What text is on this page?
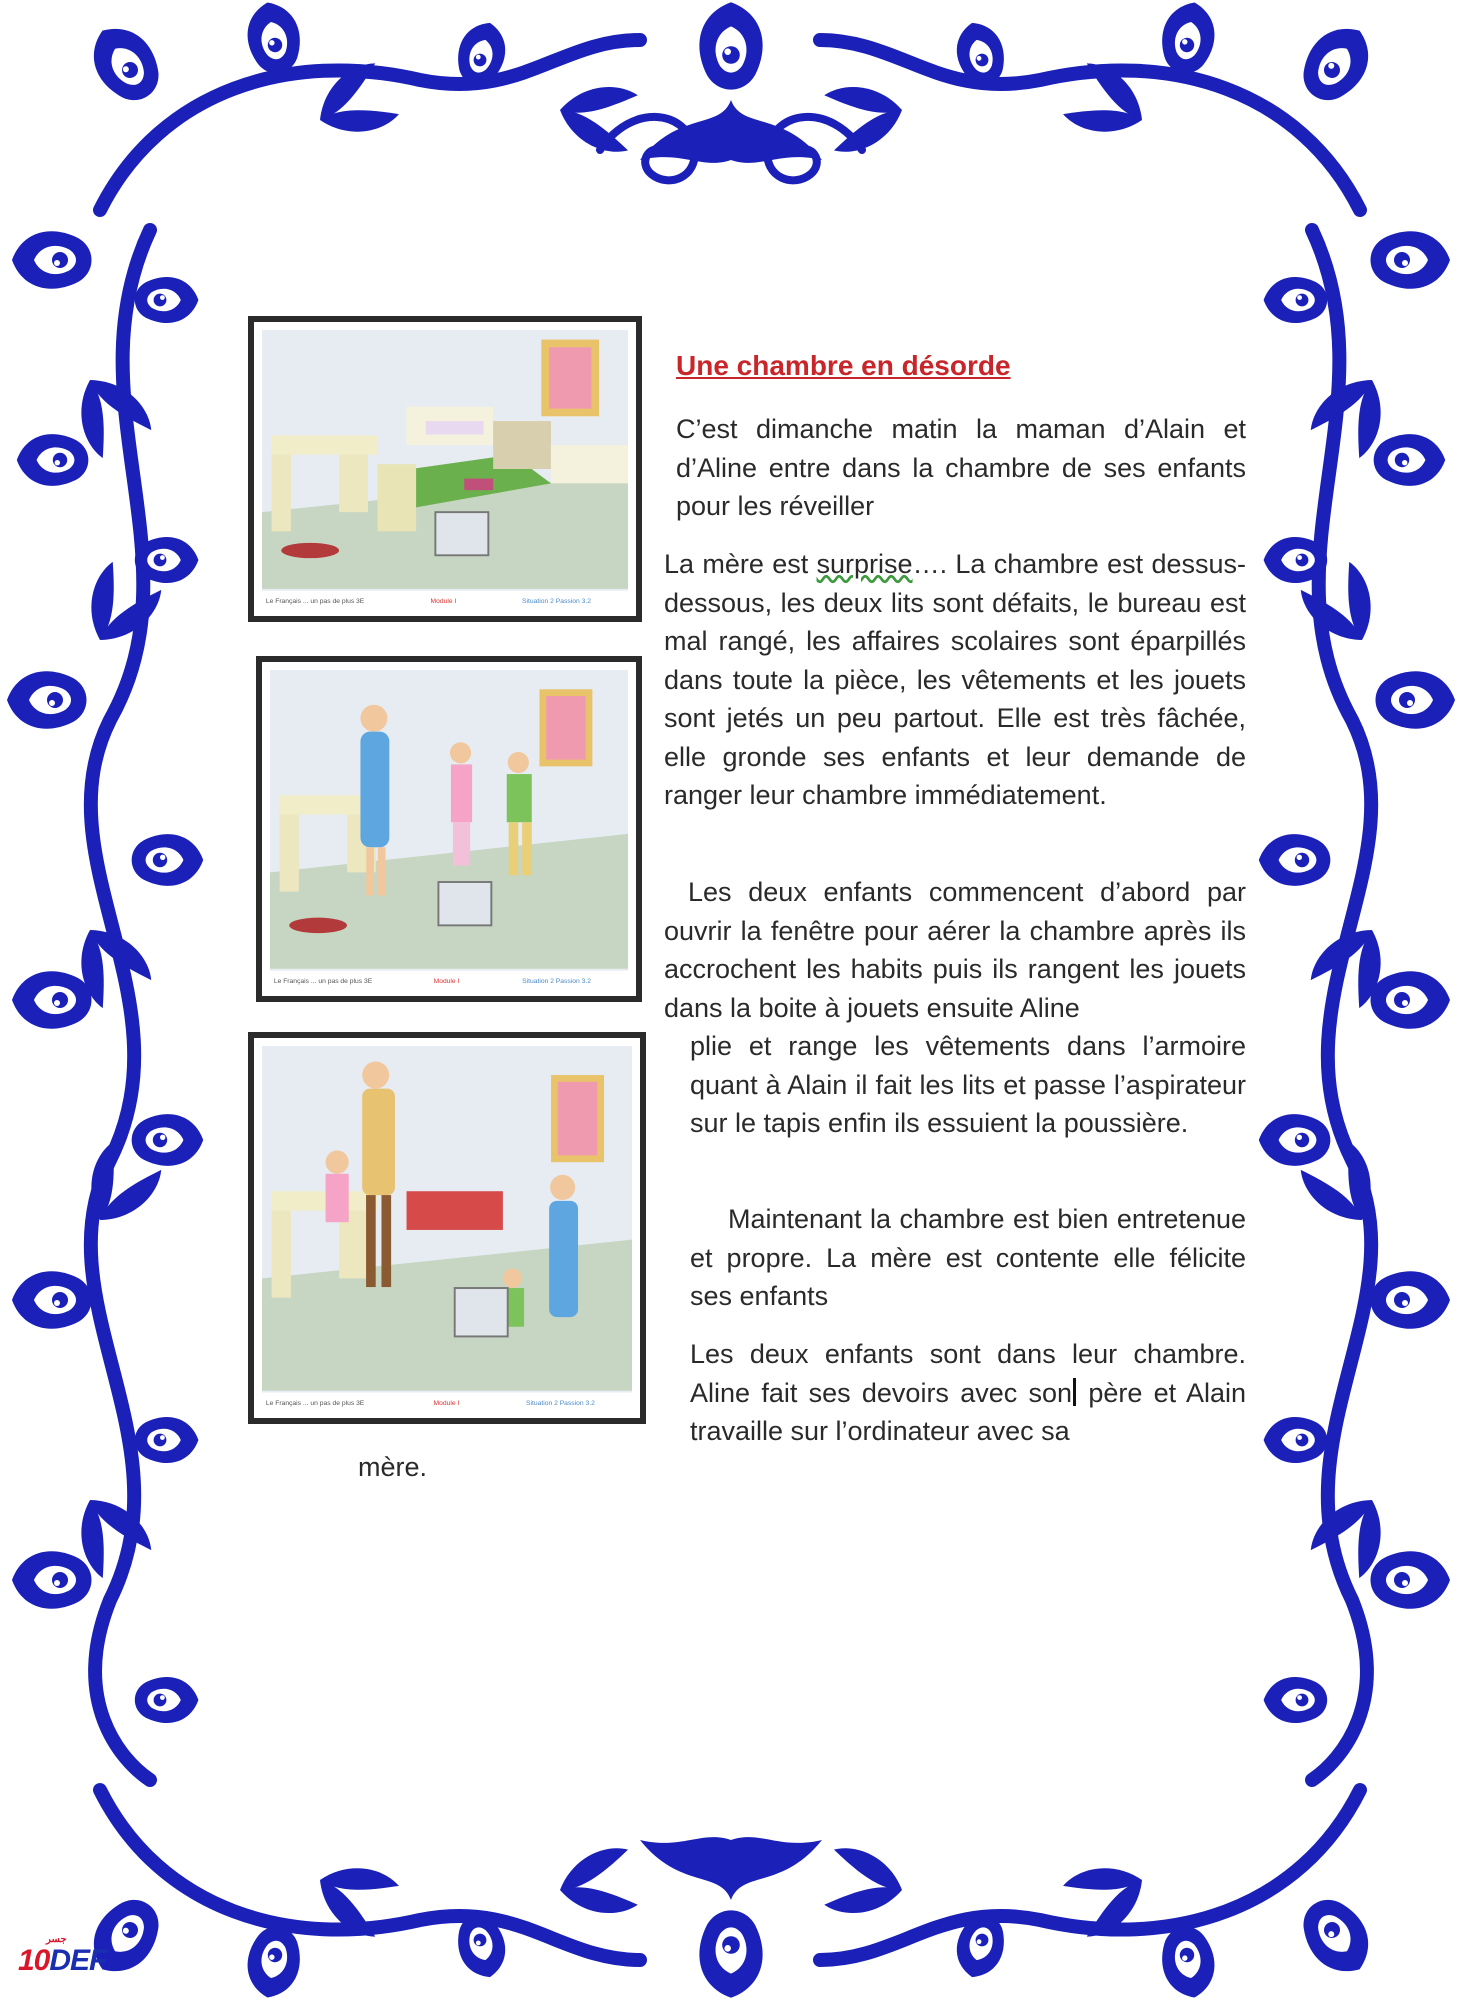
Le Français ... un pas de plus 3E	Module I	Situation 2 Passion 3.2
Le Français ... un pas de plus 3E	Module I	Situation 2 Passion 3.2
Le Français ... un pas de plus 3E	Module I	Situation 2 Passion 3.2
Une chambre en désorde

C’est dimanche matin la maman d’Alain et d’Aline entre dans la chambre de ses enfants pour les réveiller

La mère est surprise…. La chambre est dessus-dessous, les deux lits sont défaits, le bureau est mal rangé, les affaires scolaires sont éparpillés dans toute la pièce, les vêtements et les jouets sont jetés un peu partout. Elle est très fâchée, elle gronde ses enfants et leur demande de ranger leur chambre immédiatement.

Les deux enfants commencent d’abord par ouvrir la fenêtre pour aérer la chambre après ils accrochent les habits puis ils rangent les jouets dans la boite à jouets ensuite Aline

plie et range les vêtements dans l’armoire quant à Alain il fait les lits et passe l’aspirateur sur le tapis enfin ils essuient la poussière.

Maintenant la chambre est bien entretenue et propre. La mère est contente elle félicite ses enfants

Les deux enfants sont dans leur chambre. Aline fait ses devoirs avec son père et Alain travaille sur l’ordinateur avec sa

mère.

10DEF
ﺟﺴﺮ
